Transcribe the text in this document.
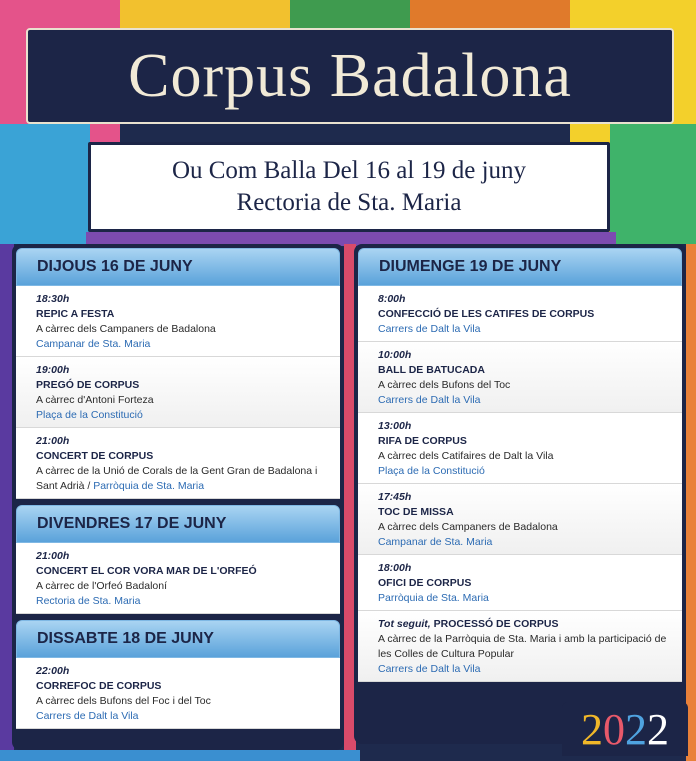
Corpus Badalona
Ou Com Balla Del 16 al 19 de juny
Rectoria de Sta. Maria
DIJOUS 16 DE JUNY
18:30h
REPIC A FESTA
A càrrec dels Campaners de Badalona
Campanar de Sta. Maria
19:00h
PREGÓ DE CORPUS
A càrrec d'Antoni Forteza
Plaça de la Constitució
21:00h
CONCERT DE CORPUS
A càrrec de la Unió de Corals de la Gent Gran de Badalona i Sant Adrià / Parròquia de Sta. Maria
DIVENDRES 17 DE JUNY
21:00h
CONCERT EL COR VORA MAR DE L'ORFEÓ
A càrrec de l'Orfeó Badaloní
Rectoria de Sta. Maria
DISSABTE 18 DE JUNY
22:00h
CORREFOC DE CORPUS
A càrrec dels Bufons del Foc i del Toc
Carrers de Dalt la Vila
DIUMENGE 19 DE JUNY
8:00h
CONFECCIÓ DE LES CATIFES DE CORPUS
Carrers de Dalt la Vila
10:00h
BALL DE BATUCADA
A càrrec dels Bufons del Toc
Carrers de Dalt la Vila
13:00h
RIFA DE CORPUS
A càrrec dels Catifaires de Dalt la Vila
Plaça de la Constitució
17:45h
TOC DE MISSA
A càrrec dels Campaners de Badalona
Campanar de Sta. Maria
18:00h
OFICI DE CORPUS
Parròquia de Sta. Maria
Tot seguit, PROCESSÓ DE CORPUS
A càrrec de la Parròquia de Sta. Maria i amb la participació de les Colles de Cultura Popular
Carrers de Dalt la Vila
2 0 2 2
